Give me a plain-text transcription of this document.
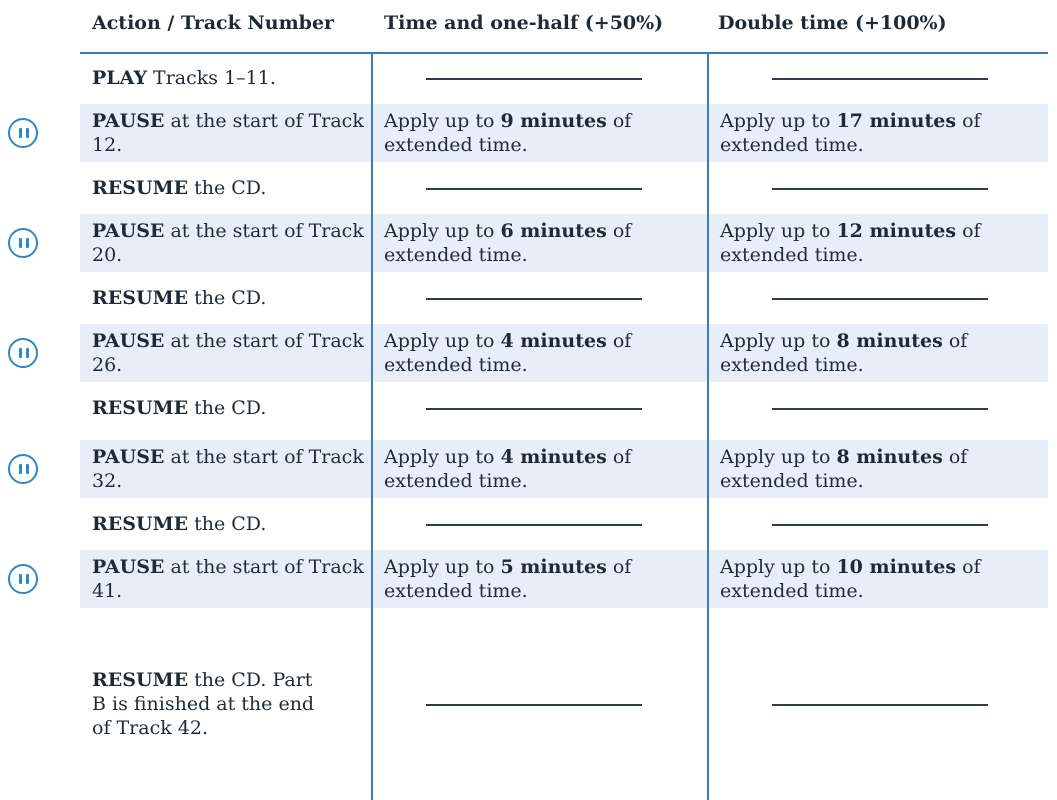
Action / Track Number	Time and one-half (+50%)	Double time (+100%)
PLAY Tracks 1–11.
PAUSE at the start of Track 12.
Apply up to 9 minutes of extended time.
Apply up to 17 minutes of extended time.
RESUME the CD.
PAUSE at the start of Track 20.
Apply up to 6 minutes of extended time.
Apply up to 12 minutes of extended time.
RESUME the CD.
PAUSE at the start of Track 26.
Apply up to 4 minutes of extended time.
Apply up to 8 minutes of extended time.
RESUME the CD.
PAUSE at the start of Track 32.
Apply up to 4 minutes of extended time.
Apply up to 8 minutes of extended time.
RESUME the CD.
PAUSE at the start of Track 41.
Apply up to 5 minutes of extended time.
Apply up to 10 minutes of extended time.
RESUME the CD. Part B is finished at the end of Track 42.
